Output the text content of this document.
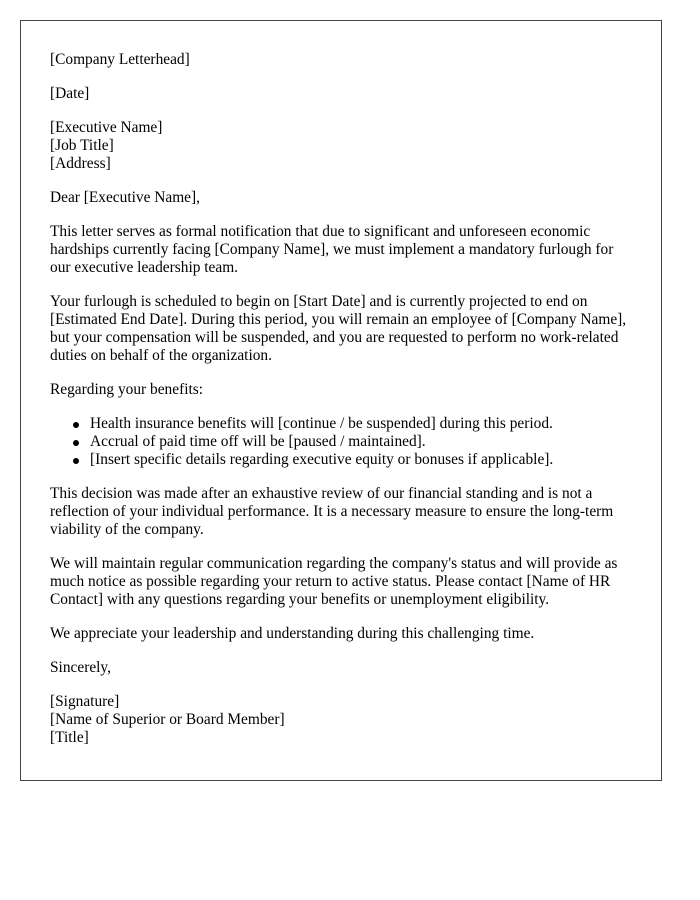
[Company Letterhead]

[Date]

[Executive Name]
[Job Title]
[Address]

Dear [Executive Name],

This letter serves as formal notification that due to significant and unforeseen economic hardships currently facing [Company Name], we must implement a mandatory furlough for our executive leadership team.

Your furlough is scheduled to begin on [Start Date] and is currently projected to end on [Estimated End Date]. During this period, you will remain an employee of [Company Name], but your compensation will be suspended, and you are requested to perform no work-related duties on behalf of the organization.

Regarding your benefits:

Health insurance benefits will [continue / be suspended] during this period.
Accrual of paid time off will be [paused / maintained].
[Insert specific details regarding executive equity or bonuses if applicable].

This decision was made after an exhaustive review of our financial standing and is not a reflection of your individual performance. It is a necessary measure to ensure the long-term viability of the company.

We will maintain regular communication regarding the company's status and will provide as much notice as possible regarding your return to active status. Please contact [Name of HR Contact] with any questions regarding your benefits or unemployment eligibility.

We appreciate your leadership and understanding during this challenging time.

Sincerely,

[Signature]
[Name of Superior or Board Member]
[Title]
